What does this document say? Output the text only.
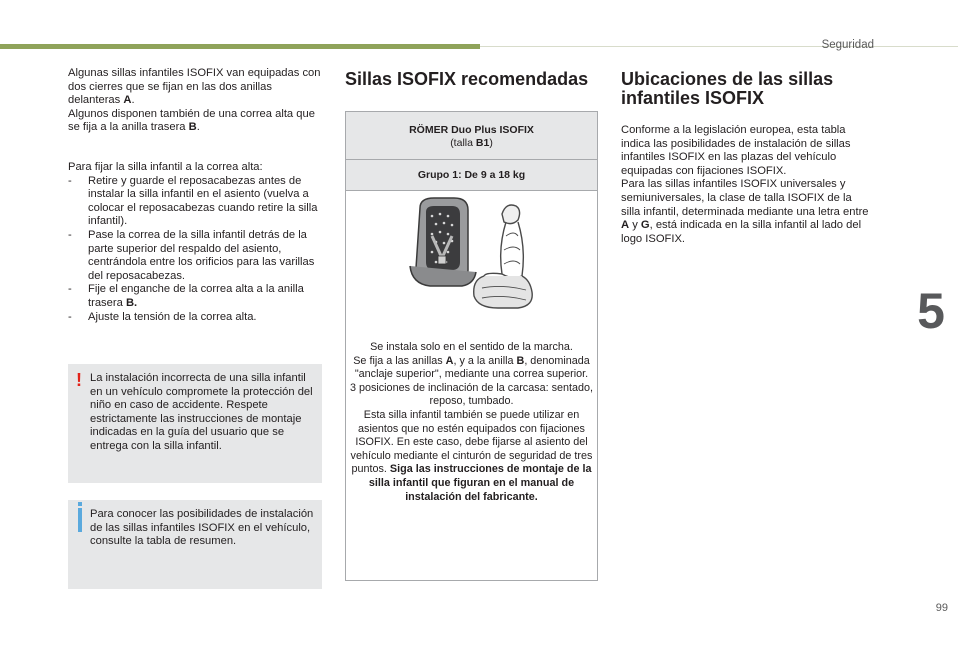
Seguridad
5
99

Algunas sillas infantiles ISOFIX van equipadas con dos cierres que se fijan en las dos anillas delanteras A.

Algunos disponen también de una correa alta que se fija a la anilla trasera B.

Para fijar la silla infantil a la correa alta:

- Retire y guarde el reposacabezas antes de instalar la silla infantil en el asiento (vuelva a colocar el reposacabezas cuando retire la silla infantil).
- Pase la correa de la silla infantil detrás de la parte superior del respaldo del asiento, centrándola entre los orificios para las varillas del reposacabezas.
- Fije el enganche de la correa alta a la anilla trasera B.
- Ajuste la tensión de la correa alta.
! La instalación incorrecta de una silla infantil en un vehículo compromete la protección del niño en caso de accidente. Respete estrictamente las instrucciones de montaje indicadas en la guía del usuario que se entrega con la silla infantil.

Para conocer las posibilidades de instalación de las sillas infantiles ISOFIX en el vehículo, consulte la tabla de resumen.

Sillas ISOFIX recomendadas
RÖMER Duo Plus ISOFIX
(talla B1)
Grupo 1: De 9 a 18 kg
Se instala solo en el sentido de la marcha.
Se fija a las anillas A, y a la anilla B, denominada "anclaje superior", mediante una correa superior.
3 posiciones de inclinación de la carcasa: sentado, reposo, tumbado.
Esta silla infantil también se puede utilizar en asientos que no estén equipados con fijaciones ISOFIX. En este caso, debe fijarse al asiento del vehículo mediante el cinturón de seguridad de tres puntos. Siga las instrucciones de montaje de la silla infantil que figuran en el manual de instalación del fabricante.
Ubicaciones de las sillas infantiles ISOFIX

Conforme a la legislación europea, esta tabla indica las posibilidades de instalación de sillas infantiles ISOFIX en las plazas del vehículo equipadas con fijaciones ISOFIX.

Para las sillas infantiles ISOFIX universales y semiuniversales, la clase de talla ISOFIX de la silla infantil, determinada mediante una letra entre A y G, está indicada en la silla infantil al lado del logo ISOFIX.
